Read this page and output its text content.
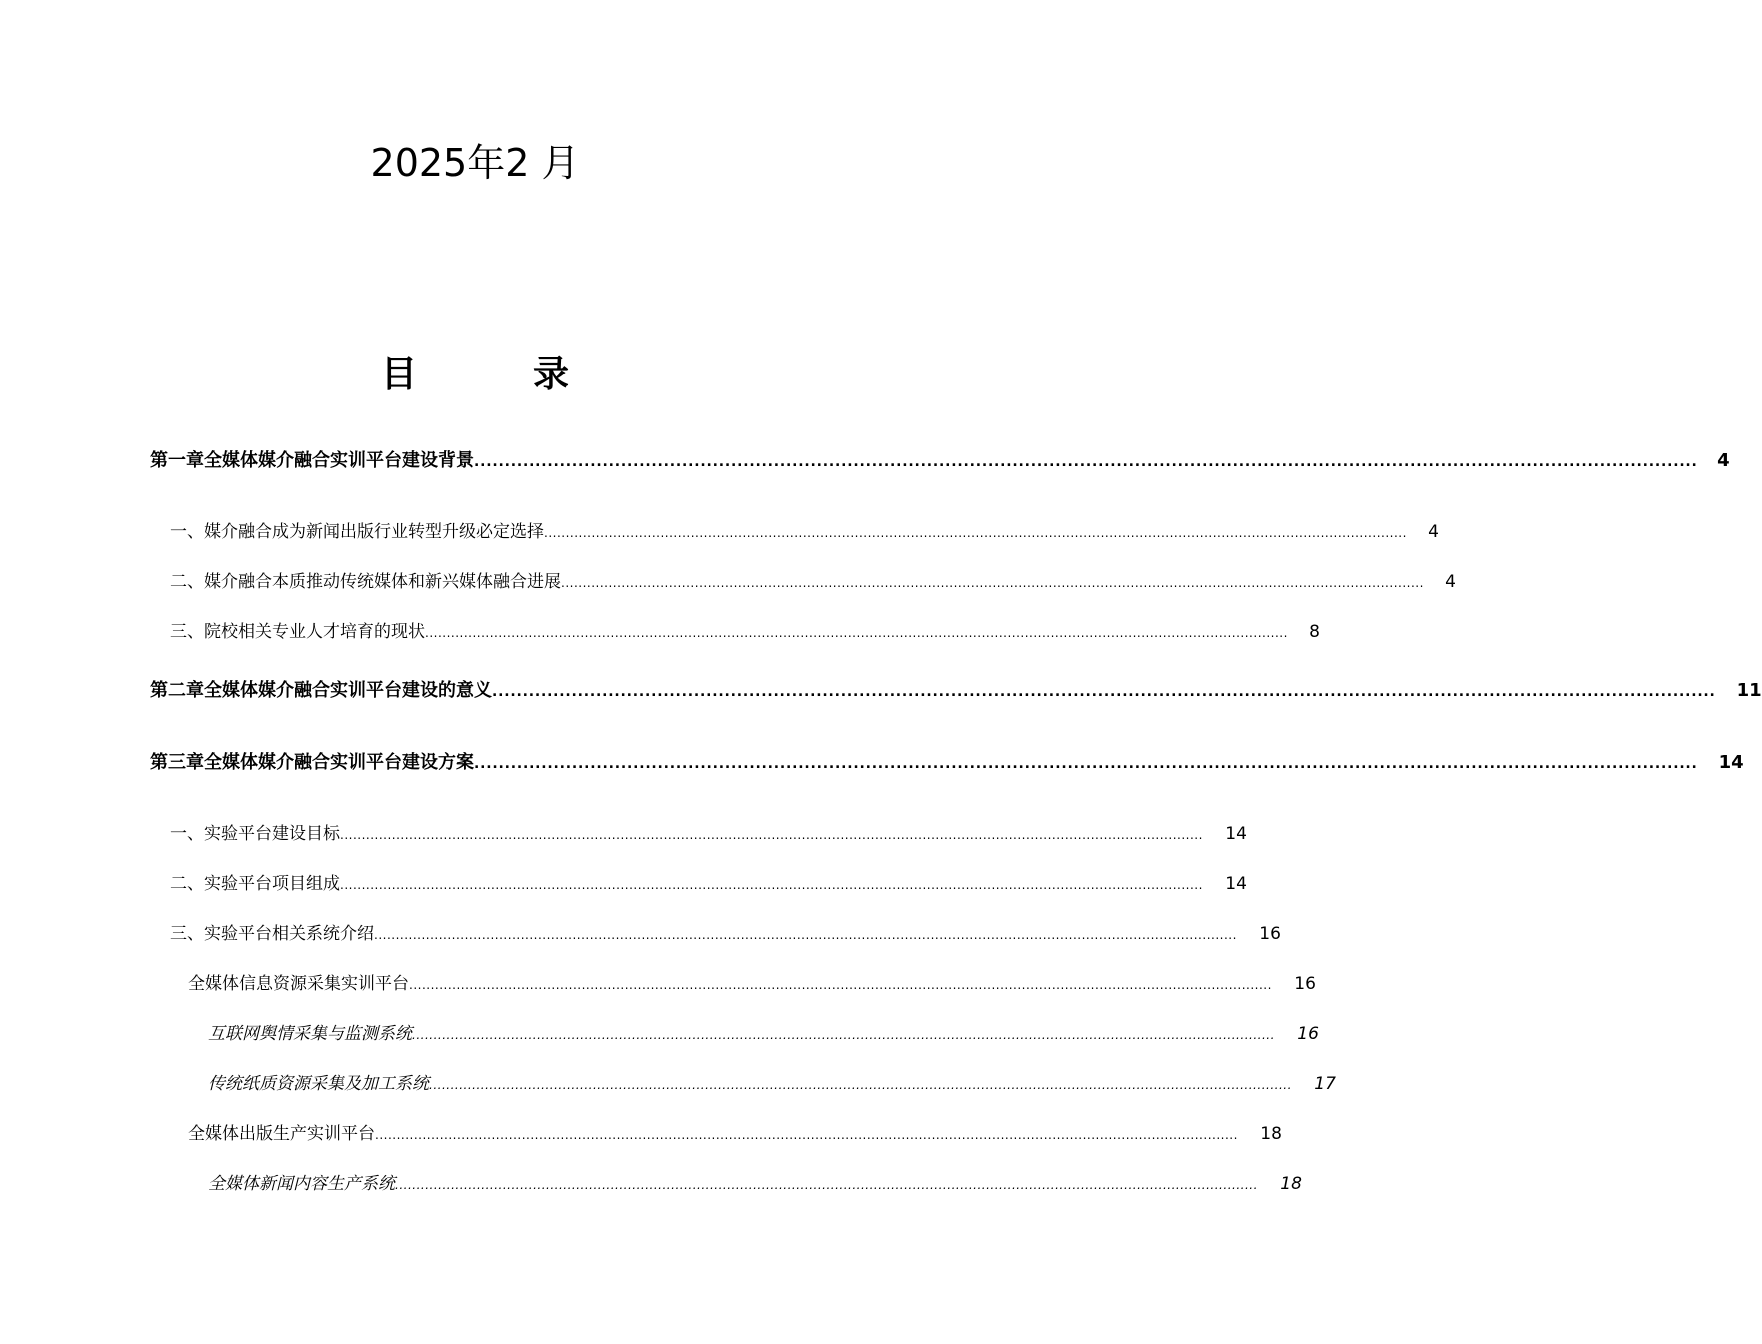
2025年2 月
目　录
第一章 全媒体媒介融合实训平台建设背景 ........................................................................................................................................................................................................	4
一、 媒介融合成为新闻出版行业转型升级必定选择 ........................................................................................................................................................................................................	4
二、 媒介融合本质推动传统媒体和新兴媒体融合进展 ........................................................................................................................................................................................................	4
三、 院校相关专业人才培育的现状 ........................................................................................................................................................................................................	8
第二章 全媒体媒介融合实训平台建设的意义 ........................................................................................................................................................................................................	11
第三章 全媒体媒介融合实训平台建设方案 ........................................................................................................................................................................................................	14
一、 实验平台建设目标 ........................................................................................................................................................................................................	14
二、 实验平台项目组成 ........................................................................................................................................................................................................	14
三、 实验平台相关系统介绍 ........................................................................................................................................................................................................	16
全媒体信息资源采集实训平台 ........................................................................................................................................................................................................	16
互联网舆情采集与监测系统 ........................................................................................................................................................................................................	16
传统纸质资源采集及加工系统 ........................................................................................................................................................................................................	17
全媒体出版生产实训平台 ........................................................................................................................................................................................................	18
全媒体新闻内容生产系统 ........................................................................................................................................................................................................	18
